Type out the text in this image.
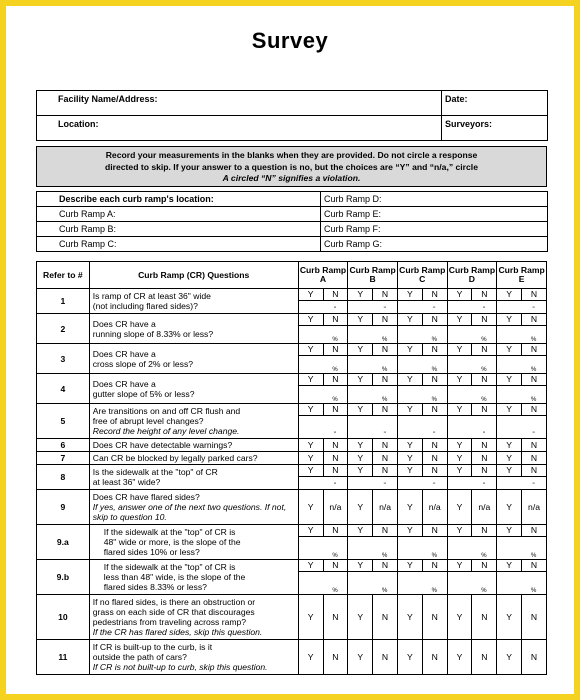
Survey
Facility Name/Address:	Date:
Location:	Surveyors:
Record your measurements in the blanks when they are provided. Do not circle a response
directed to skip. If your answer to a question is no, but the choices are “Y” and “n/a,” circle
A circled “N” signifies a violation.
Describe each curb ramp's location:	Curb Ramp D:
Curb Ramp A:	Curb Ramp E:
Curb Ramp B:	Curb Ramp F:
Curb Ramp C:	Curb Ramp G:
Refer to #	Curb Ramp (CR) Questions	Curb Ramp A		Curb Ramp B		Curb Ramp C		Curb Ramp D		Curb Ramp E	
1	Is ramp of CR at least 36" wide
(not including flared sides)?	Y	N	Y	N	Y	N	Y	N	Y	N
		"		"		"		"		"	
2	Does CR have a
running slope of 8.33% or less?	Y	N	Y	N	Y	N	Y	N	Y	N
		%		%		%		%		%	
3	Does CR have a
cross slope of 2% or less?	Y	N	Y	N	Y	N	Y	N	Y	N
		%		%		%		%		%	
4	Does CR have a
gutter slope of 5% or less?	Y	N	Y	N	Y	N	Y	N	Y	N
		%		%		%		%		%	
5	Are transitions on and off CR flush and
free of abrupt level changes?
Record the height of any level change.	Y	N	Y	N	Y	N	Y	N	Y	N
		"		"		"		"		"	
6	Does CR have detectable warnings?	Y	N	Y	N	Y	N	Y	N	Y	N
7	Can CR be blocked by legally parked cars?	Y	N	Y	N	Y	N	Y	N	Y	N
8	Is the sidewalk at the "top" of CR
at least 36" wide?	Y	N	Y	N	Y	N	Y	N	Y	N
		"		"		"		"		"	
9	Does CR have flared sides?
If yes, answer one of the next two questions. If not, skip to question 10.	Y	n/a	Y	n/a	Y	n/a	Y	n/a	Y	n/a
9.a	If the sidewalk at the "top" of CR is
48" wide or more, is the slope of the
flared sides 10% or less?	Y	N	Y	N	Y	N	Y	N	Y	N
		%		%		%		%		%	
9.b	If the sidewalk at the "top" of CR is
less than 48" wide, is the slope of the
flared sides 8.33% or less?	Y	N	Y	N	Y	N	Y	N	Y	N
		%		%		%		%		%	
10	If no flared sides, is there an obstruction or
grass on each side of CR that discourages
pedestrians from traveling across ramp?
If the CR has flared sides, skip this question.	Y	N	Y	N	Y	N	Y	N	Y	N
11	If CR is built-up to the curb, is it
outside the path of cars?
If CR is not built-up to curb, skip this question.	Y	N	Y	N	Y	N	Y	N	Y	N
